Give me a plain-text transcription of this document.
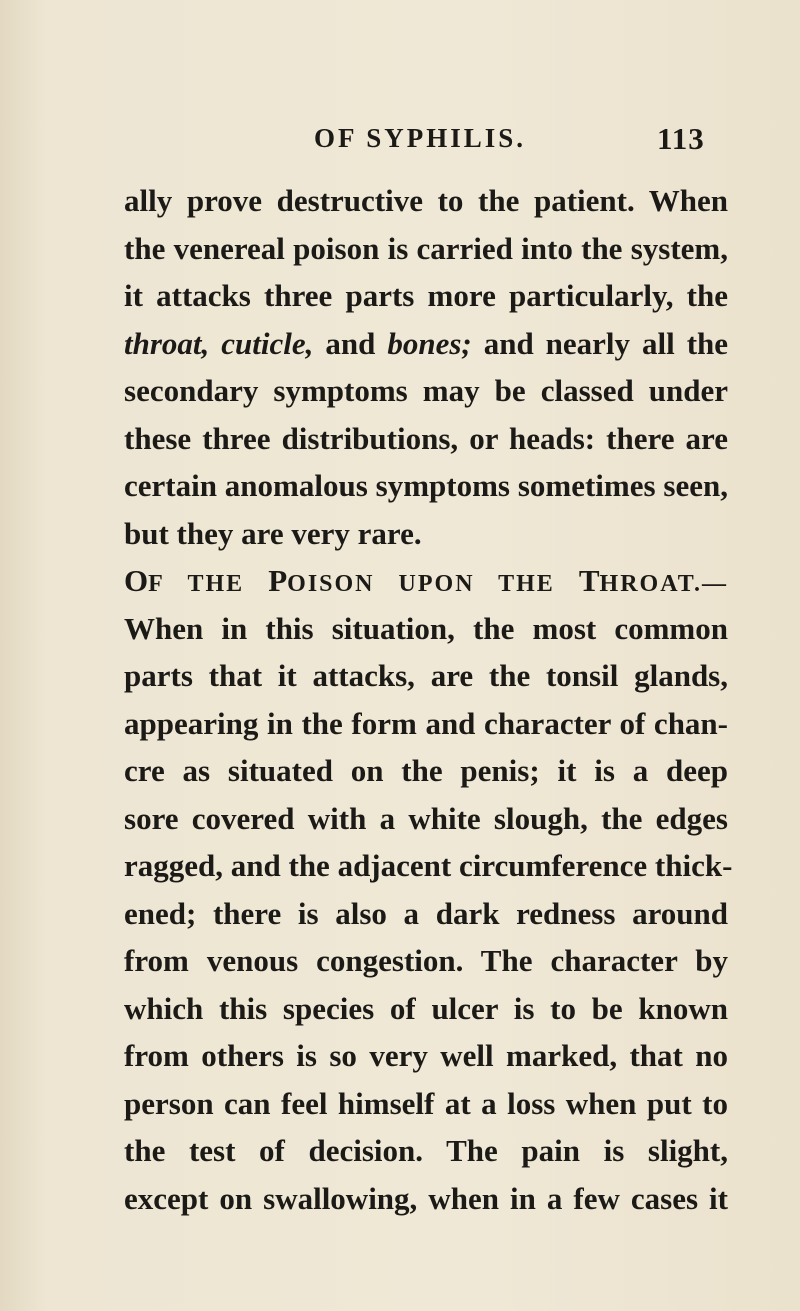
OF SYPHILIS.	113
ally prove destructive to the patient. When
the venereal poison is carried into the system,
it attacks three parts more particularly, the
throat, cuticle, and bones; and nearly all the
secondary symptoms may be classed under
these three distributions, or heads: there are
certain anomalous symptoms sometimes seen,
but they are very rare.
OF THE POISON UPON THE THROAT.—
When in this situation, the most common
parts that it attacks, are the tonsil glands,
appearing in the form and character of chan-
cre as situated on the penis; it is a deep
sore covered with a white slough, the edges
ragged, and the adjacent circumference thick-
ened; there is also a dark redness around
from venous congestion. The character by
which this species of ulcer is to be known
from others is so very well marked, that no
person can feel himself at a loss when put to
the test of decision. The pain is slight,
except on swallowing, when in a few cases it
